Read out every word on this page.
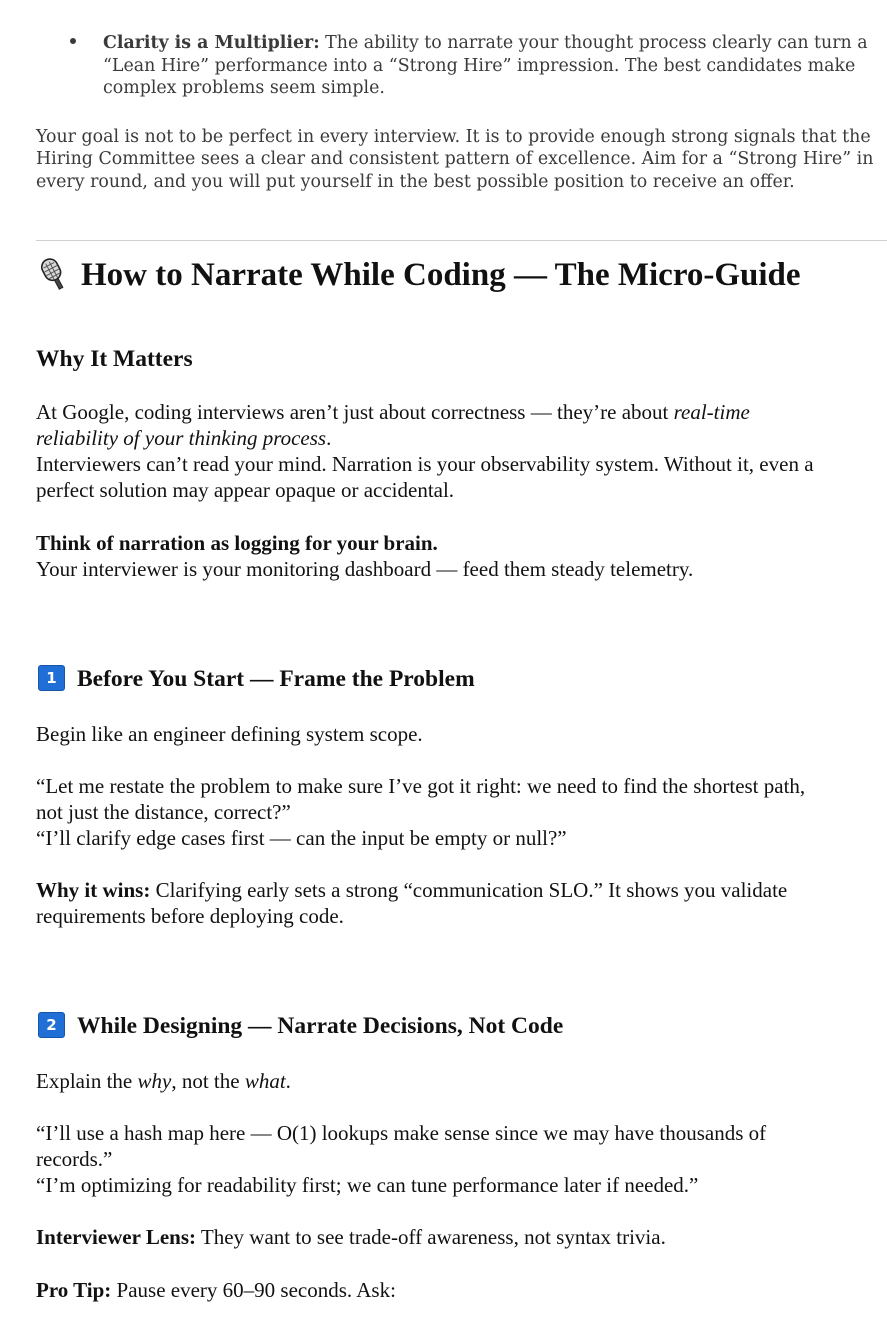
Clarity is a Multiplier: The ability to narrate your thought process clearly can turn a

“Lean Hire” performance into a “Strong Hire” impression. The best candidates make

complex problems seem simple.

Your goal is not to be perfect in every interview. It is to provide enough strong signals that the

Hiring Committee sees a clear and consistent pattern of excellence. Aim for a “Strong Hire” in

every round, and you will put yourself in the best possible position to receive an offer.

How to Narrate While Coding — The Micro-Guide
Why It Matters

At Google, coding interviews aren’t just about correctness — they’re about real-time

reliability of your thinking process.

Interviewers can’t read your mind. Narration is your observability system. Without it, even a

perfect solution may appear opaque or accidental.

Think of narration as logging for your brain.

Your interviewer is your monitoring dashboard — feed them steady telemetry.

1 Before You Start — Frame the Problem

Begin like an engineer defining system scope.

“Let me restate the problem to make sure I’ve got it right: we need to find the shortest path,

not just the distance, correct?”

“I’ll clarify edge cases first — can the input be empty or null?”

Why it wins: Clarifying early sets a strong “communication SLO.” It shows you validate

requirements before deploying code.

2 While Designing — Narrate Decisions, Not Code

Explain the why, not the what.

“I’ll use a hash map here — O(1) lookups make sense since we may have thousands of

records.”

“I’m optimizing for readability first; we can tune performance later if needed.”

Interviewer Lens: They want to see trade-off awareness, not syntax trivia.

Pro Tip: Pause every 60–90 seconds. Ask:
